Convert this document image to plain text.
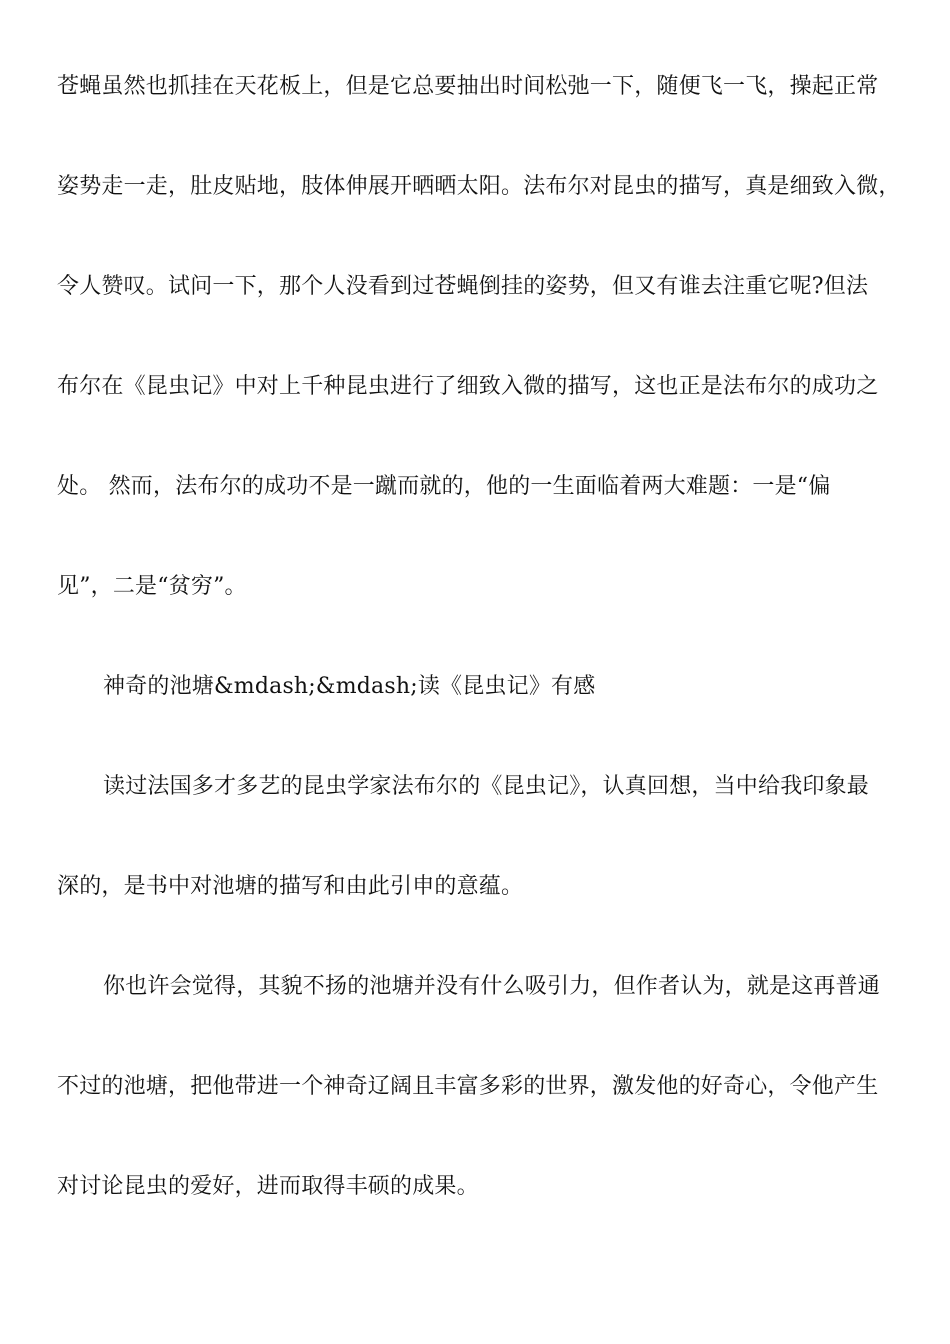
苍蝇虽然也抓挂在天花板上，但是它总要抽出时间松弛一下，随便飞一飞，操起正常
姿势走一走，肚皮贴地，肢体伸展开晒晒太阳。法布尔对昆虫的描写，真是细致入微，
令人赞叹。试问一下，那个人没看到过苍蝇倒挂的姿势，但又有谁去注重它呢?但法
布尔在《昆虫记》中对上千种昆虫进行了细致入微的描写，这也正是法布尔的成功之
处。 然而，法布尔的成功不是一蹴而就的，他的一生面临着两大难题：一是“偏
见”，二是“贫穷”。
神奇的池塘&mdash;&mdash;读《昆虫记》有感
读过法国多才多艺的昆虫学家法布尔的《昆虫记》，认真回想，当中给我印象最
深的，是书中对池塘的描写和由此引申的意蕴。
你也许会觉得，其貌不扬的池塘并没有什么吸引力，但作者认为，就是这再普通
不过的池塘，把他带进一个神奇辽阔且丰富多彩的世界，激发他的好奇心，令他产生
对讨论昆虫的爱好，进而取得丰硕的成果。
